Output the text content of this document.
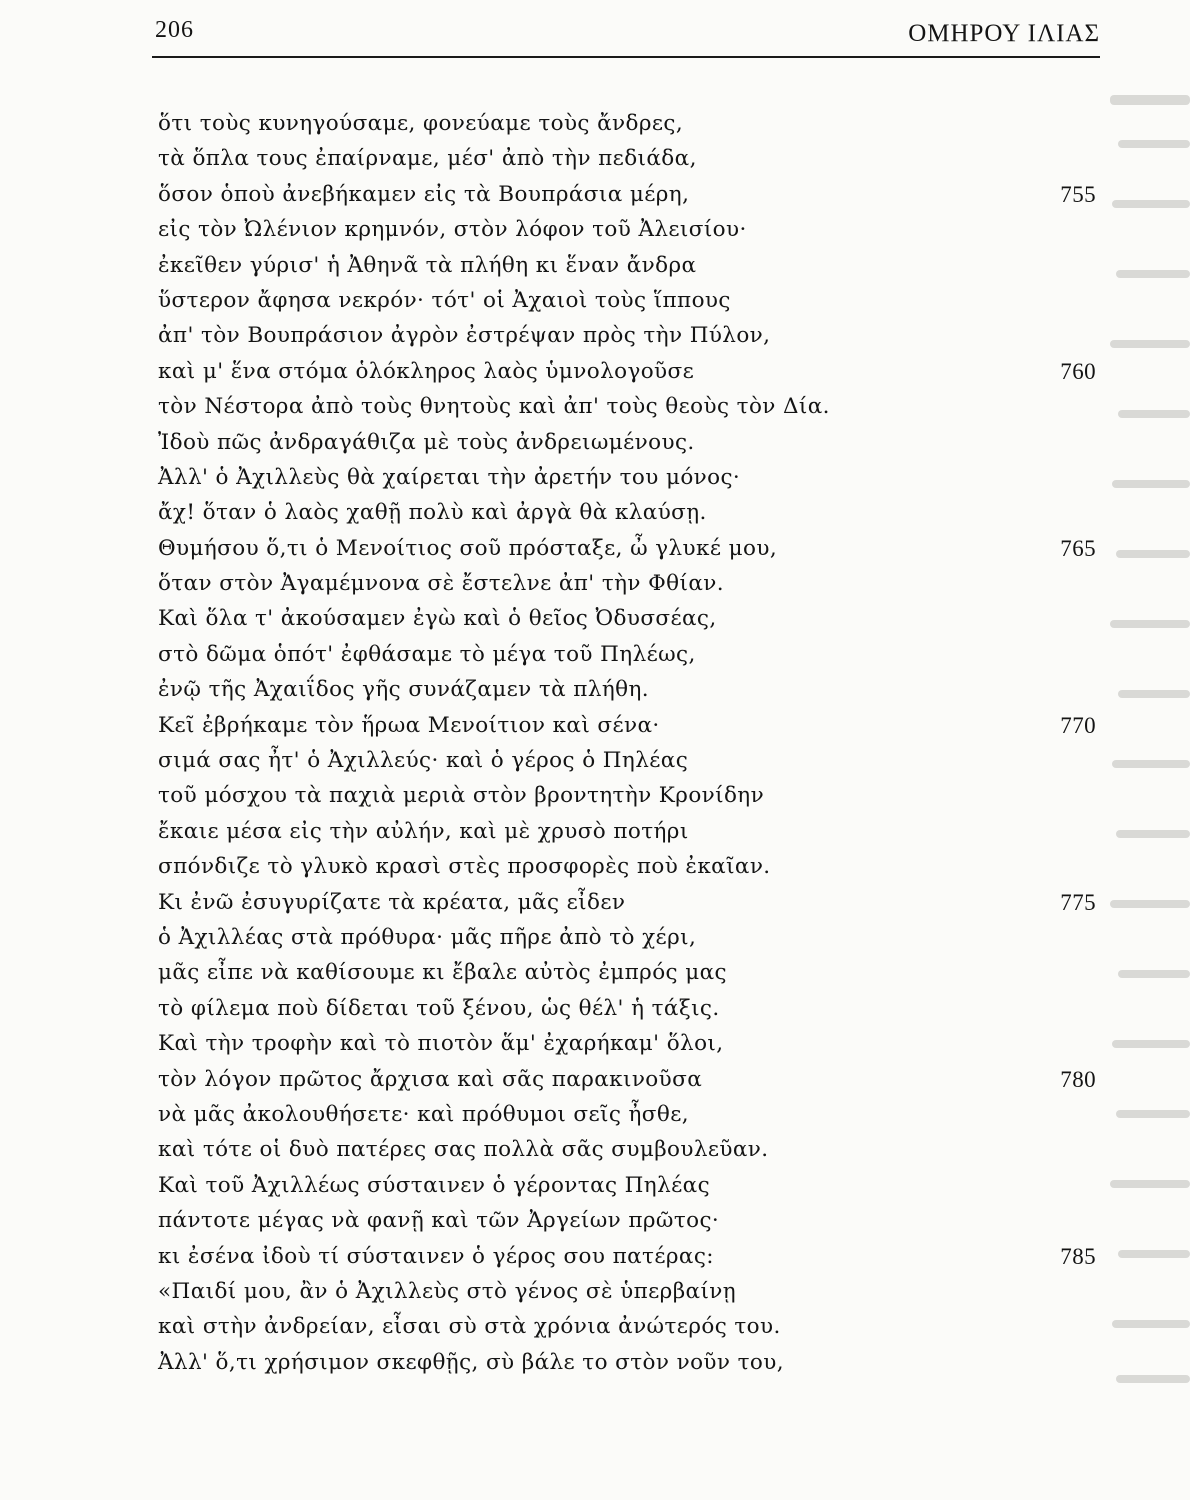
206	ΟΜΗΡΟΥ ΙΛΙΑΣ
ὅτι τοὺς κυνηγούσαμε, φονεύαμε τοὺς ἄνδρες,
τὰ ὅπλα τους ἐπαίρναμε, μέσ' ἀπὸ τὴν πεδιάδα,
ὅσον ὁποὺ ἀνεβήκαμεν εἰς τὰ Βουπράσια μέρη,	755
εἰς τὸν Ὠλένιον κρημνόν, στὸν λόφον τοῦ Ἀλεισίου·
ἐκεῖθεν γύρισ' ἡ Ἀθηνᾶ τὰ πλήθη κι ἕναν ἄνδρα
ὕστερον ἄφησα νεκρόν· τότ' οἱ Ἀχαιοὶ τοὺς ἵππους
ἀπ' τὸν Βουπράσιον ἀγρὸν ἐστρέψαν πρὸς τὴν Πύλον,
καὶ μ' ἕνα στόμα ὁλόκληρος λαὸς ὑμνολογοῦσε	760
τὸν Νέστορα ἀπὸ τοὺς θνητοὺς καὶ ἀπ' τοὺς θεοὺς τὸν Δία.
Ἰδοὺ πῶς ἀνδραγάθιζα μὲ τοὺς ἀνδρειωμένους.
Ἀλλ' ὁ Ἀχιλλεὺς θὰ χαίρεται τὴν ἀρετήν του μόνος·
ἄχ! ὅταν ὁ λαὸς χαθῇ πολὺ καὶ ἀργὰ θὰ κλαύσῃ.
Θυμήσου ὅ,τι ὁ Μενοίτιος σοῦ πρόσταξε, ὦ γλυκέ μου,	765
ὅταν στὸν Ἀγαμέμνονα σὲ ἔστελνε ἀπ' τὴν Φθίαν.
Καὶ ὅλα τ' ἀκούσαμεν ἐγὼ καὶ ὁ θεῖος Ὀδυσσέας,
στὸ δῶμα ὁπότ' ἐφθάσαμε τὸ μέγα τοῦ Πηλέως,
ἐνῷ τῆς Ἀχαιΐδος γῆς συνάζαμεν τὰ πλήθη.
Κεῖ ἐβρήκαμε τὸν ἥρωα Μενοίτιον καὶ σένα·	770
σιμά σας ἦτ' ὁ Ἀχιλλεύς· καὶ ὁ γέρος ὁ Πηλέας
τοῦ μόσχου τὰ παχιὰ μεριὰ στὸν βροντητὴν Κρονίδην
ἔκαιε μέσα εἰς τὴν αὐλήν, καὶ μὲ χρυσὸ ποτήρι
σπόνδιζε τὸ γλυκὸ κρασὶ στὲς προσφορὲς ποὺ ἐκαῖαν.
Κι ἐνῶ ἐσυγυρίζατε τὰ κρέατα, μᾶς εἶδεν	775
ὁ Ἀχιλλέας στὰ πρόθυρα· μᾶς πῆρε ἀπὸ τὸ χέρι,
μᾶς εἶπε νὰ καθίσουμε κι ἔβαλε αὐτὸς ἐμπρός μας
τὸ φίλεμα ποὺ δίδεται τοῦ ξένου, ὡς θέλ' ἡ τάξις.
Καὶ τὴν τροφὴν καὶ τὸ πιοτὸν ἅμ' ἐχαρήκαμ' ὅλοι,
τὸν λόγον πρῶτος ἄρχισα καὶ σᾶς παρακινοῦσα	780
νὰ μᾶς ἀκολουθήσετε· καὶ πρόθυμοι σεῖς ἦσθε,
καὶ τότε οἱ δυὸ πατέρες σας πολλὰ σᾶς συμβουλεῦαν.
Καὶ τοῦ Ἀχιλλέως σύσταινεν ὁ γέροντας Πηλέας
πάντοτε μέγας νὰ φανῇ καὶ τῶν Ἀργείων πρῶτος·
κι ἐσένα ἰδοὺ τί σύσταινεν ὁ γέρος σου πατέρας:	785
«Παιδί μου, ἂν ὁ Ἀχιλλεὺς στὸ γένος σὲ ὑπερβαίνῃ
καὶ στὴν ἀνδρείαν, εἶσαι σὺ στὰ χρόνια ἀνώτερός του.
Ἀλλ' ὅ,τι χρήσιμον σκεφθῇς, σὺ βάλε το στὸν νοῦν του,
